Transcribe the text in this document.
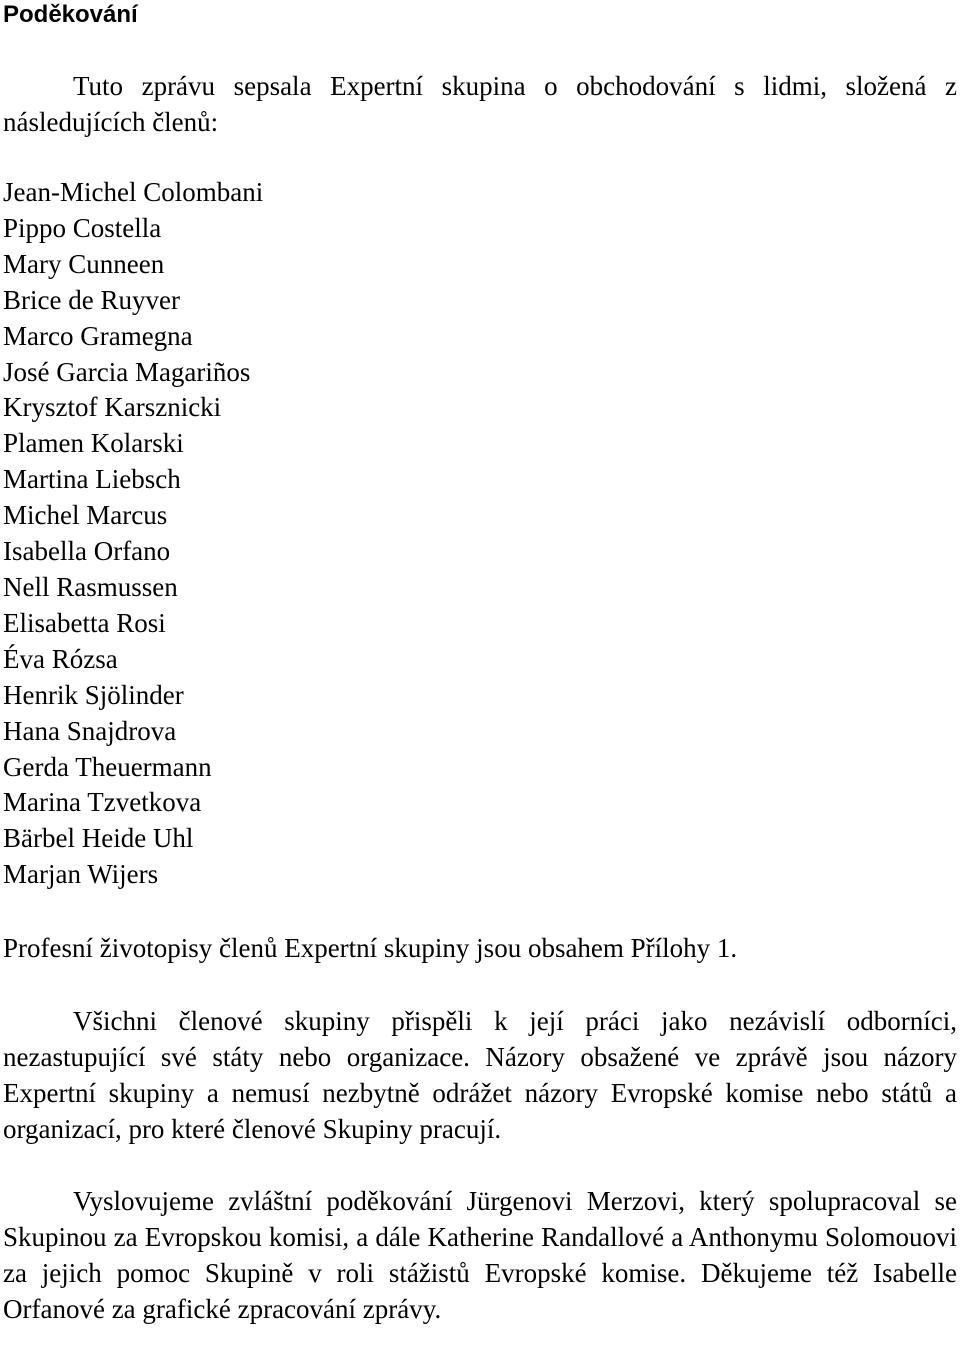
Poděkování

Tuto zprávu sepsala Expertní skupina o obchodování s lidmi, složená z následujících členů:

Jean-Michel Colombani
Pippo Costella
Mary Cunneen
Brice de Ruyver
Marco Gramegna
José Garcia Magariños
Krysztof Karsznicki
Plamen Kolarski
Martina Liebsch
Michel Marcus
Isabella Orfano
Nell Rasmussen
Elisabetta Rosi
Éva Rózsa
Henrik Sjölinder
Hana Snajdrova
Gerda Theuermann
Marina Tzvetkova
Bärbel Heide Uhl
Marjan Wijers

Profesní životopisy členů Expertní skupiny jsou obsahem Přílohy 1.

Všichni členové skupiny přispěli k její práci jako nezávislí odborníci, nezastupující své státy nebo organizace. Názory obsažené ve zprávě jsou názory Expertní skupiny a nemusí nezbytně odrážet názory Evropské komise nebo států a organizací, pro které členové Skupiny pracují.

Vyslovujeme zvláštní poděkování Jürgenovi Merzovi, který spolupracoval se Skupinou za Evropskou komisi, a dále Katherine Randallové a Anthonymu Solomouovi za jejich pomoc Skupině v roli stážistů Evropské komise. Děkujeme též Isabelle Orfanové za grafické zpracování zprávy.
